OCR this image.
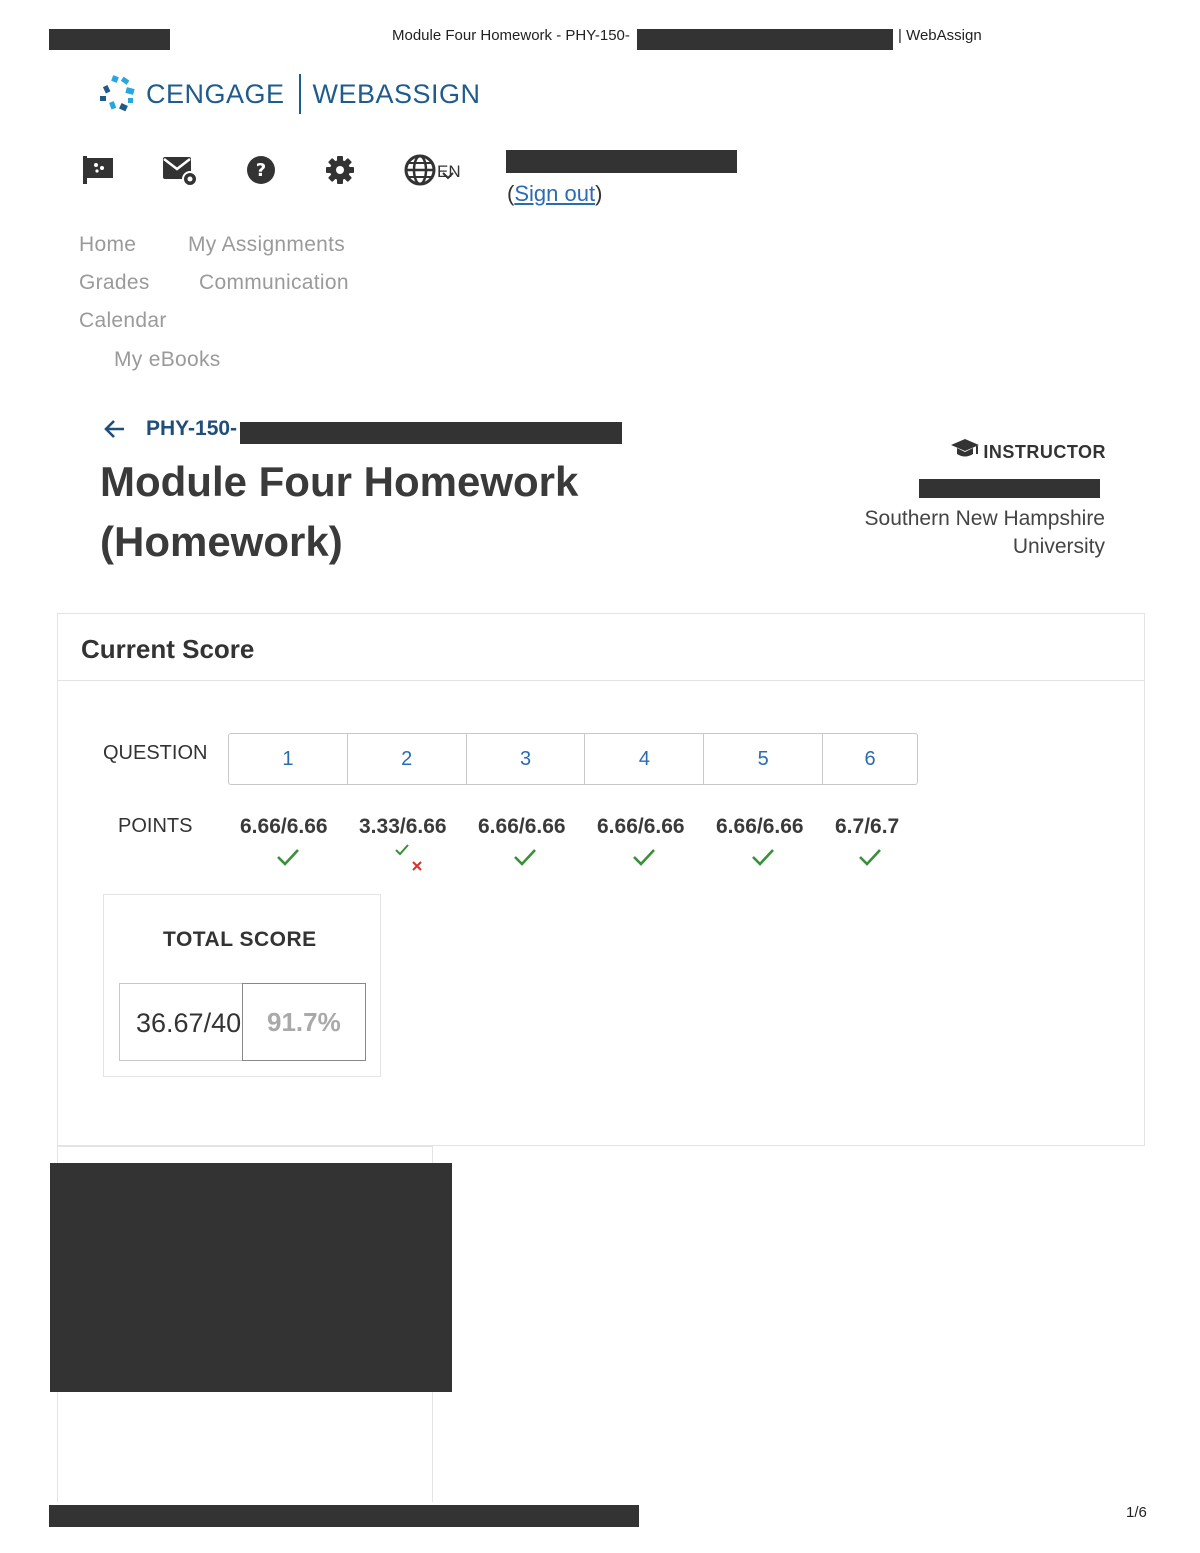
Module Four Homework - PHY-150-	| WebAssign
CENGAGE WEBASSIGN
?	EN
(Sign out)
Home My Assignments
Grades Communication
Calendar
My eBooks
PHY-150-
Module Four Homework (Homework)
INSTRUCTOR
Southern New Hampshire University
Current Score
QUESTION	1	2	3	4	5	6
POINTS 6.66/6.66 3.33/6.66 6.66/6.66 6.66/6.66 6.66/6.66 6.7/6.7
TOTAL SCORE
36.67/40 91.7%
1/6
